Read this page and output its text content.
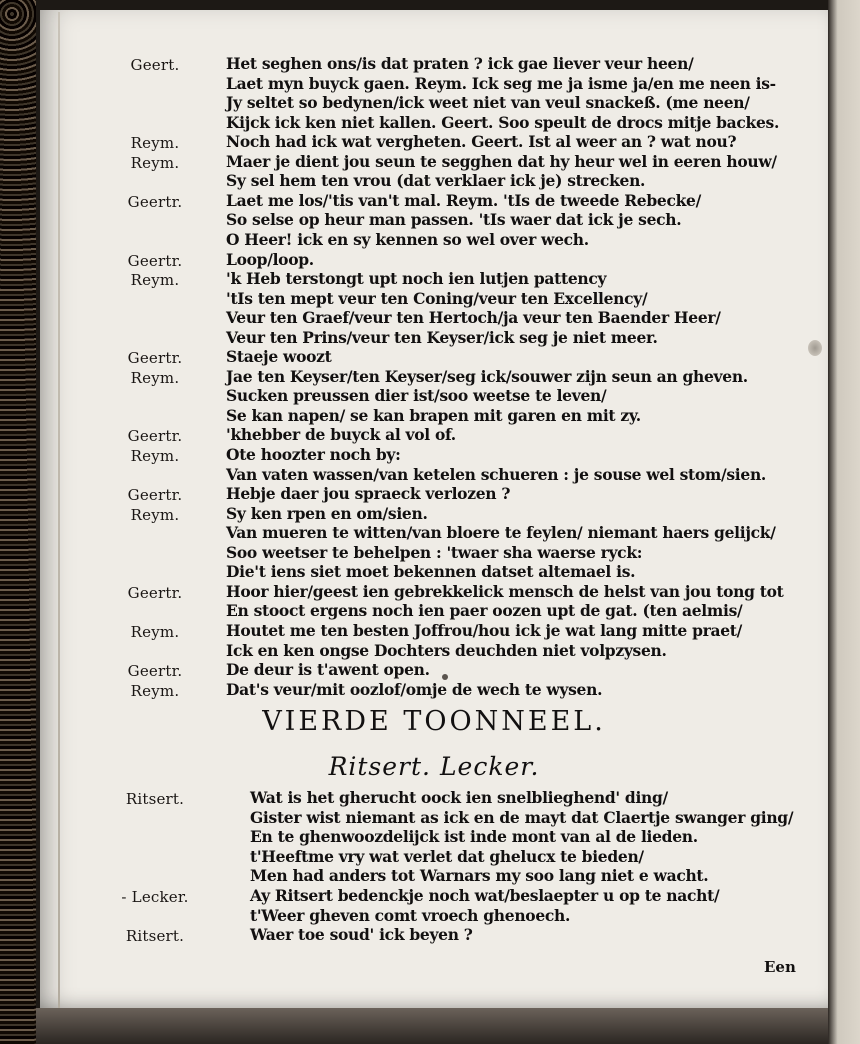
Geert.	Het seghen ons/is dat praten ? ick gae liever veur heen/
Laet myn buyck gaen. Reym. Ick seg me ja isme ja/en me neen is-
Jy seltet so bedynen/ick weet niet van veul snackeß. (me neen/
Kijck ick ken niet kallen. Geert. Soo speult de drocs mitje backes.
Reym.	Noch had ick wat vergheten. Geert. Ist al weer an ? wat nou?
Reym.	Maer je dient jou seun te segghen dat hy heur wel in eeren houw/
Sy sel hem ten vrou (dat verklaer ick je) strecken.
Geertr.	Laet me los/'tis van't mal. Reym. 'tIs de tweede Rebecke/
So selse op heur man passen. 'tIs waer dat ick je sech.
O Heer! ick en sy kennen so wel over wech.
Geertr.	Loop/loop.
Reym.	'k Heb terstongt upt noch ien lutjen pattency
'tIs ten mept veur ten Coning/veur ten Excellency/
Veur ten Graef/veur ten Hertoch/ja veur ten Baender Heer/
Veur ten Prins/veur ten Keyser/ick seg je niet meer.
Geertr.	Staeje woozt
Reym.	Jae ten Keyser/ten Keyser/seg ick/souwer zijn seun an gheven.
Sucken preussen dier ist/soo weetse te leven/
Se kan napen/ se kan brapen mit garen en mit zy.
Geertr.	'khebber de buyck al vol of.
Reym.	Ote hoozter noch by:
Van vaten wassen/van ketelen schueren : je souse wel stom/sien.
Geertr.	Hebje daer jou spraeck verlozen ?
Reym.	Sy ken rpen en om/sien.
Van mueren te witten/van bloere te feylen/ niemant haers gelijck/
Soo weetser te behelpen : 'twaer sha waerse ryck:
Die't iens siet moet bekennen datset altemael is.
Geertr.	Hoor hier/geest ien gebrekkelick mensch de helst van jou tong tot
En stooct ergens noch ien paer oozen upt de gat. (ten aelmis/
Reym.	Houtet me ten besten Joffrou/hou ick je wat lang mitte praet/
Ick en ken ongse Dochters deuchden niet volpzysen.
Geertr.	De deur is t'awent open.
Reym.	Dat's veur/mit oozlof/omje de wech te wysen.
VIERDE TOONNEEL.
Ritsert. Lecker.
Ritsert.	Wat is het gherucht oock ien snelblieghend' ding/
Gister wist niemant as ick en de mayt dat Claertje swanger ging/
En te ghenwoozdelijck ist inde mont van al de lieden.
t'Heeftme vry wat verlet dat ghelucx te bieden/
Men had anders tot Warnars my soo lang niet e wacht.
- Lecker.	Ay Ritsert bedenckje noch wat/beslaepter u op te nacht/
t'Weer gheven comt vroech ghenoech.
Ritsert.	Waer toe soud' ick beyen ?
Een
